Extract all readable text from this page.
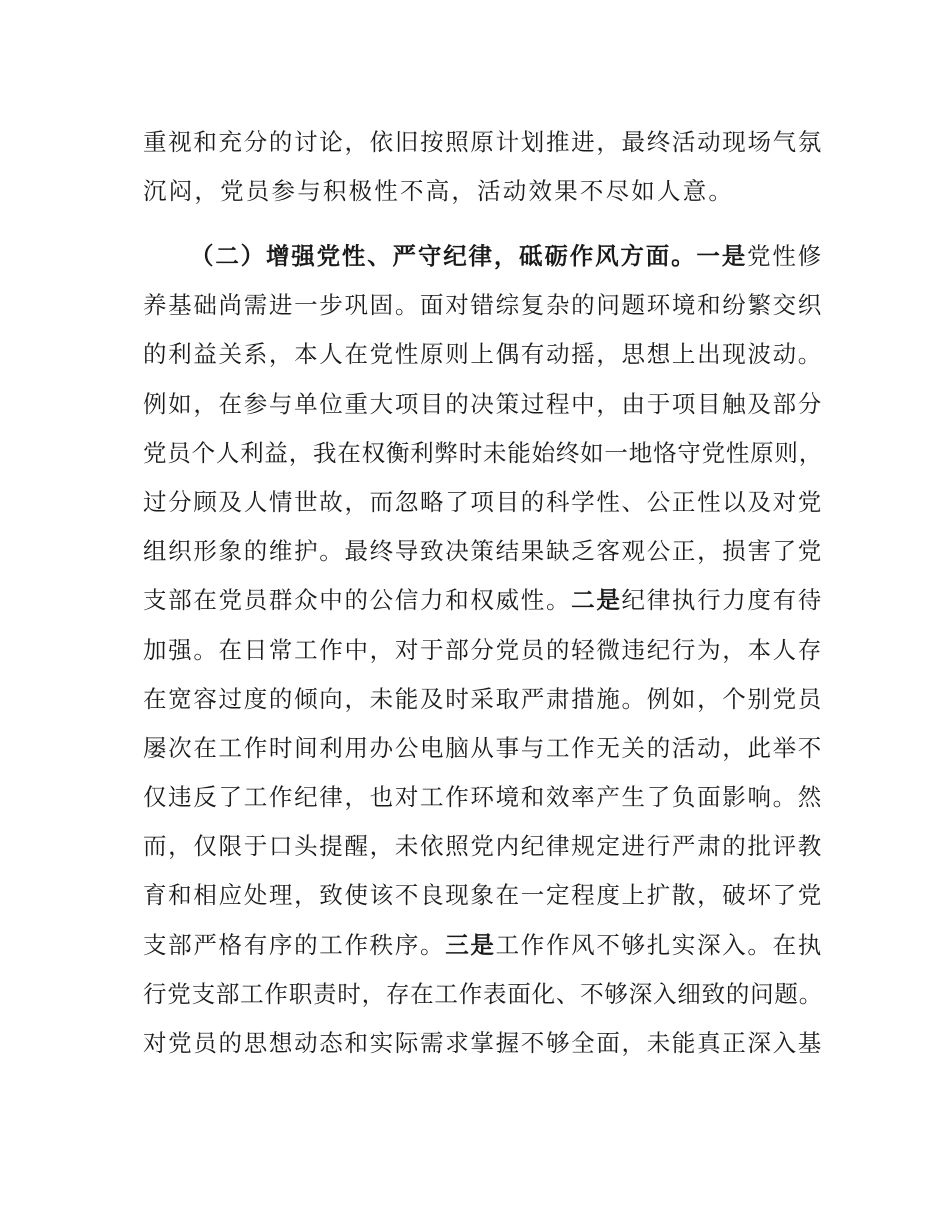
重视和充分的讨论，依旧按照原计划推进，最终活动现场气氛
沉闷，党员参与积极性不高，活动效果不尽如人意。
（二）增强党性、严守纪律，砥砺作风方面。一是党性修
养基础尚需进一步巩固。面对错综复杂的问题环境和纷繁交织
的利益关系，本人在党性原则上偶有动摇，思想上出现波动。
例如，在参与单位重大项目的决策过程中，由于项目触及部分
党员个人利益，我在权衡利弊时未能始终如一地恪守党性原则，
过分顾及人情世故，而忽略了项目的科学性、公正性以及对党
组织形象的维护。最终导致决策结果缺乏客观公正，损害了党
支部在党员群众中的公信力和权威性。二是纪律执行力度有待
加强。在日常工作中，对于部分党员的轻微违纪行为，本人存
在宽容过度的倾向，未能及时采取严肃措施。例如，个别党员
屡次在工作时间利用办公电脑从事与工作无关的活动，此举不
仅违反了工作纪律，也对工作环境和效率产生了负面影响。然
而，仅限于口头提醒，未依照党内纪律规定进行严肃的批评教
育和相应处理，致使该不良现象在一定程度上扩散，破坏了党
支部严格有序的工作秩序。三是工作作风不够扎实深入。在执
行党支部工作职责时，存在工作表面化、不够深入细致的问题。
对党员的思想动态和实际需求掌握不够全面，未能真正深入基
